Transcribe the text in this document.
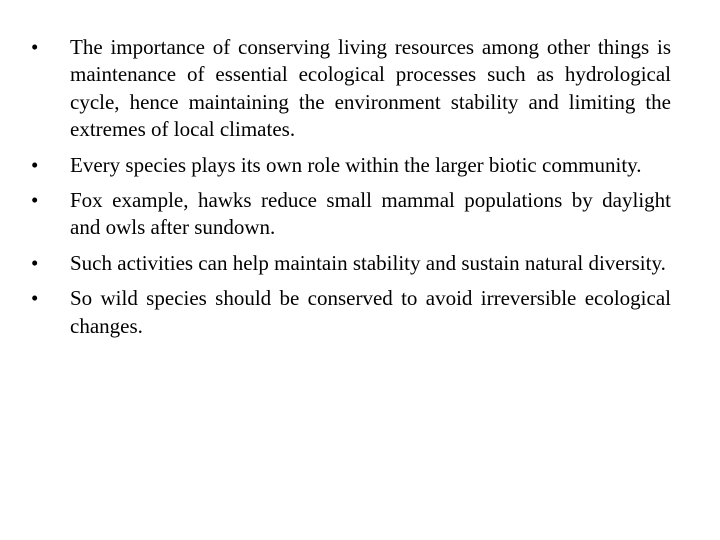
•	The importance of conserving living resources among other things is maintenance of essential ecological processes such as hydrological cycle, hence maintaining the environment stability and limiting the extremes of local climates.
•	Every species plays its own role within the larger biotic community.
•	Fox example, hawks reduce small mammal populations by daylight and owls after sundown.
•	Such activities can help maintain stability and sustain natural diversity.
•	So wild species should be conserved to avoid irreversible ecological changes.
